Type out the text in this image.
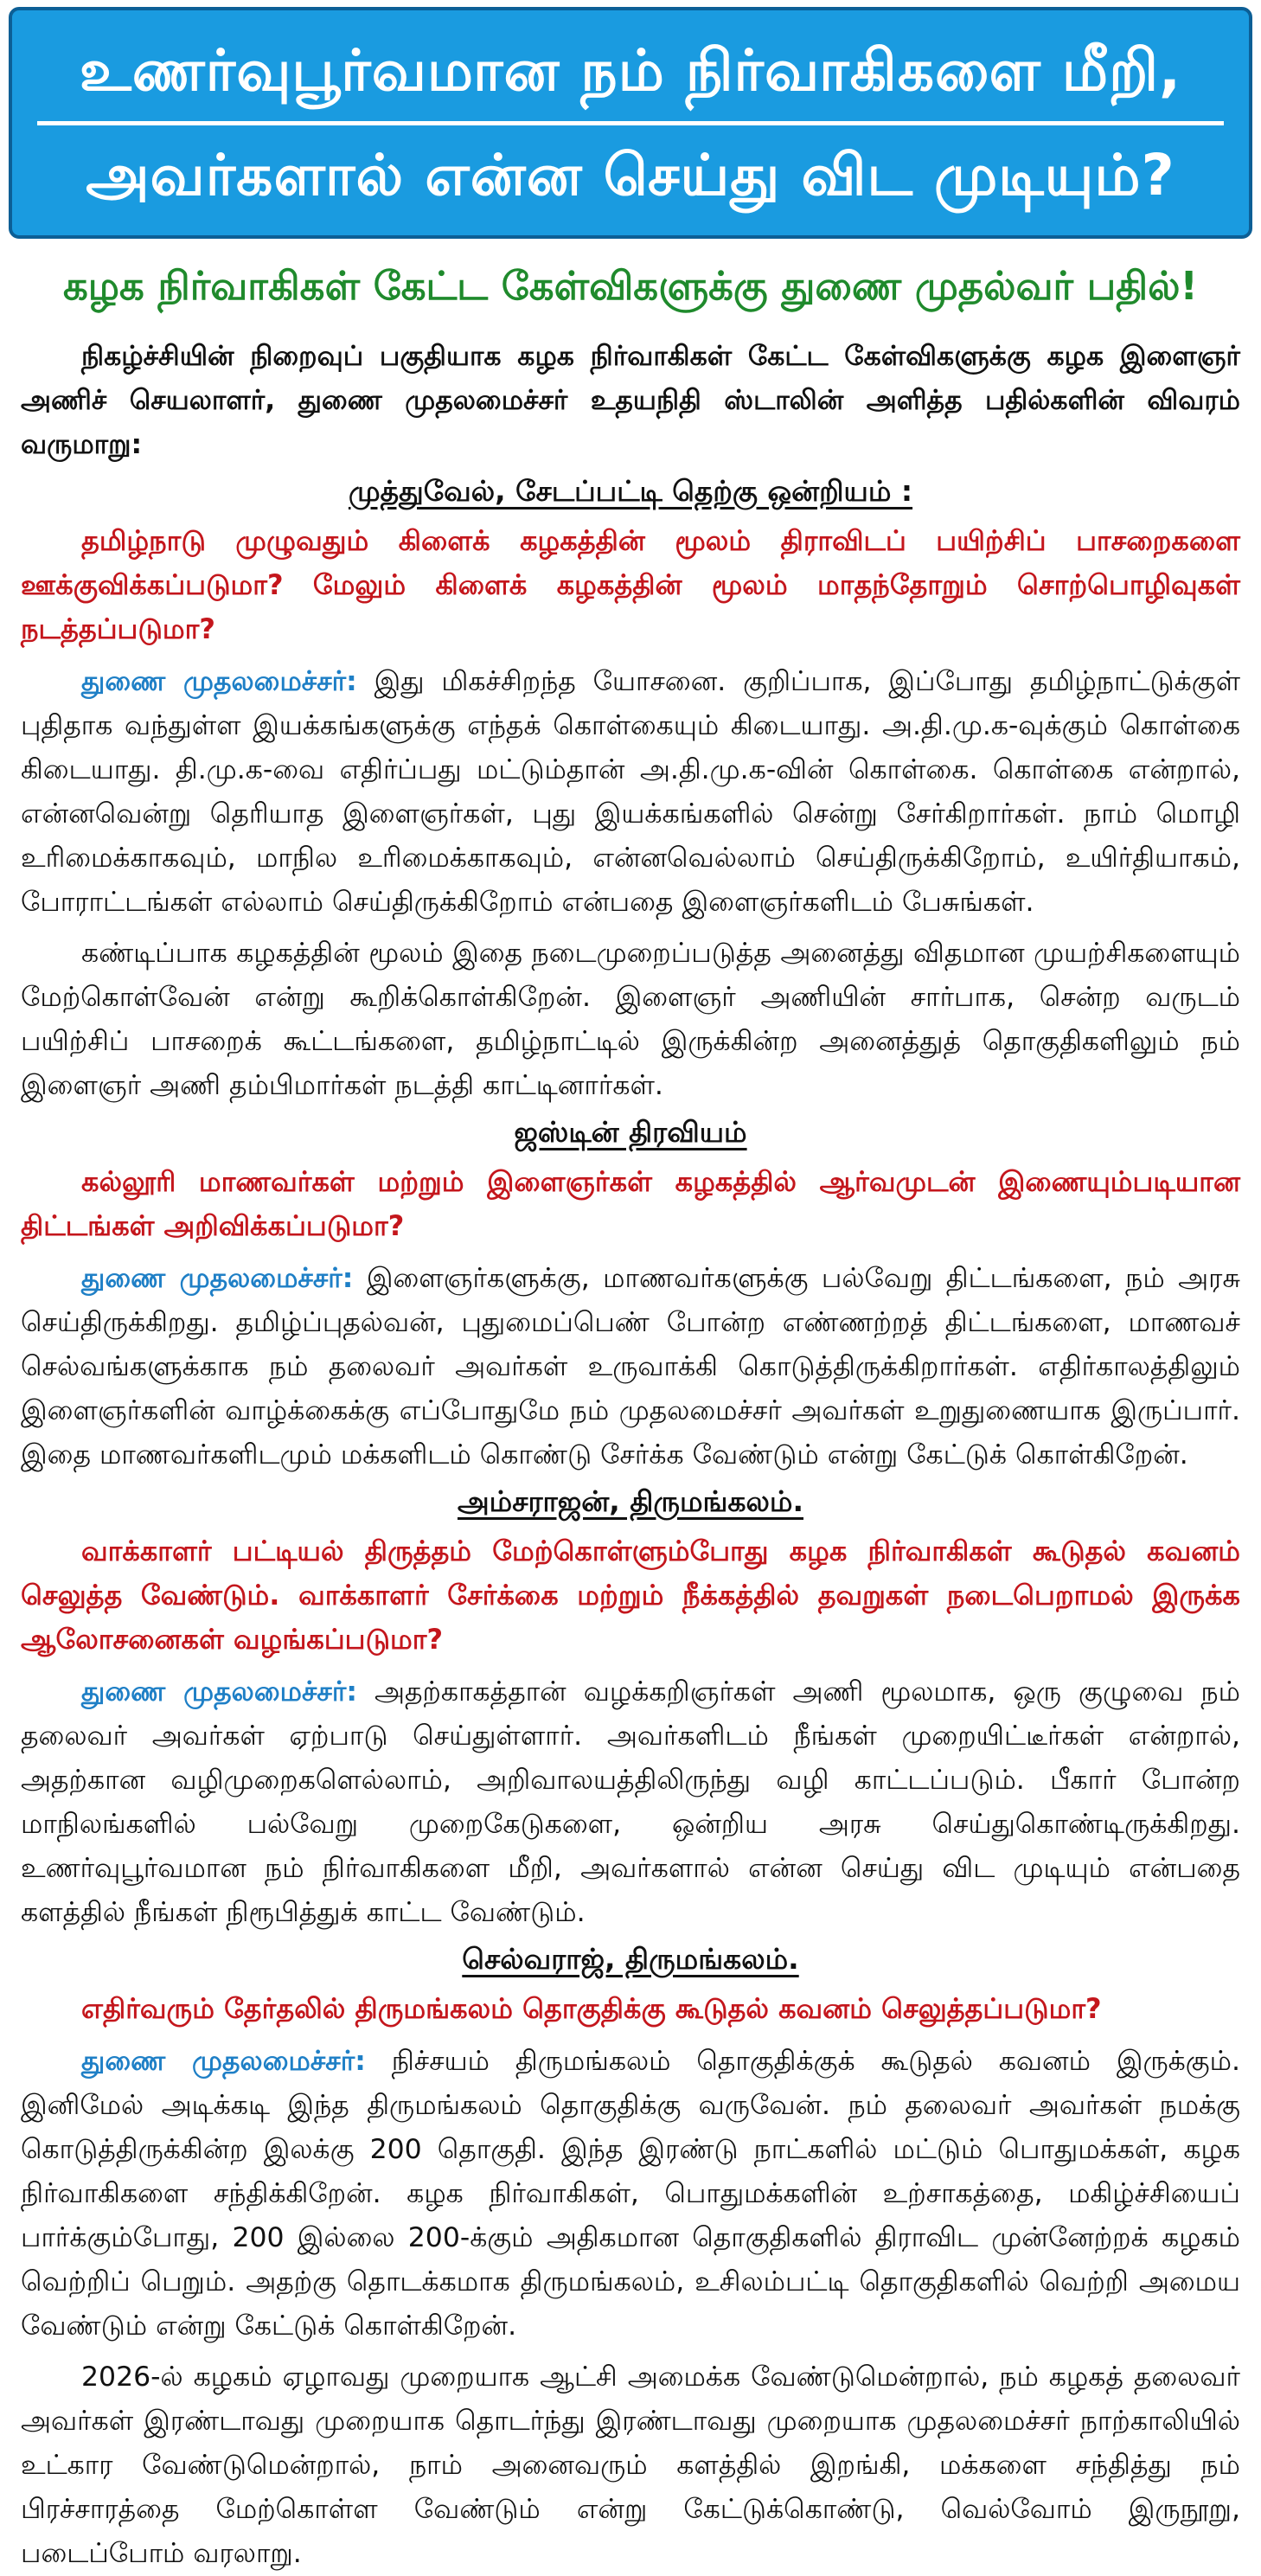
உணர்வுபூர்வமான நம் நிர்வாகிகளை மீறி,
அவர்களால் என்ன செய்து விட முடியும்?
கழக நிர்வாகிகள் கேட்ட கேள்விகளுக்கு துணை முதல்வர் பதில்!

நிகழ்ச்சியின் நிறைவுப் பகுதியாக கழக நிர்வாகிகள் கேட்ட கேள்விகளுக்கு கழக இளைஞர் அணிச் செயலாளர், துணை முதலமைச்சர் உதயநிதி ஸ்டாலின் அளித்த பதில்களின் விவரம் வருமாறு:

முத்துவேல், சேடப்பட்டி தெற்கு ஒன்றியம் :

தமிழ்நாடு முழுவதும் கிளைக் கழகத்தின் மூலம் திராவிடப் பயிற்சிப் பாசறைகளை ஊக்குவிக்கப்படுமா? மேலும் கிளைக் கழகத்தின் மூலம் மாதந்தோறும் சொற்பொழிவுகள் நடத்தப்படுமா?

துணை முதலமைச்சர்: இது மிகச்சிறந்த யோசனை. குறிப்பாக, இப்போது தமிழ்நாட்டுக்குள் புதிதாக வந்துள்ள இயக்கங்களுக்கு எந்தக் கொள்கையும் கிடையாது. அ.தி.மு.க-வுக்கும் கொள்கை கிடையாது. தி.மு.க-வை எதிர்ப்பது மட்டும்தான் அ.தி.மு.க-வின் கொள்கை. கொள்கை என்றால், என்னவென்று தெரியாத இளைஞர்கள், புது இயக்கங்களில் சென்று சேர்கிறார்கள். நாம் மொழி உரிமைக்காகவும், மாநில உரிமைக்காகவும், என்னவெல்லாம் செய்திருக்கிறோம், உயிர்தியாகம், போராட்டங்கள் எல்லாம் செய்திருக்கிறோம் என்பதை இளைஞர்களிடம் பேசுங்கள்.

கண்டிப்பாக கழகத்தின் மூலம் இதை நடைமுறைப்படுத்த அனைத்து விதமான முயற்சிகளையும் மேற்கொள்வேன் என்று கூறிக்கொள்கிறேன். இளைஞர் அணியின் சார்பாக, சென்ற வருடம் பயிற்சிப் பாசறைக் கூட்டங்களை, தமிழ்நாட்டில் இருக்கின்ற அனைத்துத் தொகுதிகளிலும் நம் இளைஞர் அணி தம்பிமார்கள் நடத்தி காட்டினார்கள்.

ஜஸ்டின் திரவியம்

கல்லூரி மாணவர்கள் மற்றும் இளைஞர்கள் கழகத்தில் ஆர்வமுடன் இணையும்படியான திட்டங்கள் அறிவிக்கப்படுமா?

துணை முதலமைச்சர்: இளைஞர்களுக்கு, மாணவர்களுக்கு பல்வேறு திட்டங்களை, நம் அரசு செய்திருக்கிறது. தமிழ்ப்புதல்வன், புதுமைப்பெண் போன்ற எண்ணற்றத் திட்டங்களை, மாணவச் செல்வங்களுக்காக நம் தலைவர் அவர்கள் உருவாக்கி கொடுத்திருக்கிறார்கள். எதிர்காலத்திலும் இளைஞர்களின் வாழ்க்கைக்கு எப்போதுமே நம் முதலமைச்சர் அவர்கள் உறுதுணையாக இருப்பார். இதை மாணவர்களிடமும் மக்களிடம் கொண்டு சேர்க்க வேண்டும் என்று கேட்டுக் கொள்கிறேன்.

அம்சராஜன், திருமங்கலம்.

வாக்காளர் பட்டியல் திருத்தம் மேற்கொள்ளும்போது கழக நிர்வாகிகள் கூடுதல் கவனம் செலுத்த வேண்டும். வாக்காளர் சேர்க்கை மற்றும் நீக்கத்தில் தவறுகள் நடைபெறாமல் இருக்க ஆலோசனைகள் வழங்கப்படுமா?

துணை முதலமைச்சர்: அதற்காகத்தான் வழக்கறிஞர்கள் அணி மூலமாக, ஒரு குழுவை நம் தலைவர் அவர்கள் ஏற்பாடு செய்துள்ளார். அவர்களிடம் நீங்கள் முறையிட்டீர்கள் என்றால், அதற்கான வழிமுறைகளெல்லாம், அறிவாலயத்திலிருந்து வழி காட்டப்படும். பீகார் போன்ற மாநிலங்களில் பல்வேறு முறைகேடுகளை, ஒன்றிய அரசு செய்துகொண்டிருக்கிறது. உணர்வுபூர்வமான நம் நிர்வாகிகளை மீறி, அவர்களால் என்ன செய்து விட முடியும் என்பதை களத்தில் நீங்கள் நிரூபித்துக் காட்ட வேண்டும்.

செல்வராஜ், திருமங்கலம்.

எதிர்வரும் தேர்தலில் திருமங்கலம் தொகுதிக்கு கூடுதல் கவனம் செலுத்தப்படுமா?

துணை முதலமைச்சர்: நிச்சயம் திருமங்கலம் தொகுதிக்குக் கூடுதல் கவனம் இருக்கும். இனிமேல் அடிக்கடி இந்த திருமங்கலம் தொகுதிக்கு வருவேன். நம் தலைவர் அவர்கள் நமக்கு கொடுத்திருக்கின்ற இலக்கு 200 தொகுதி. இந்த இரண்டு நாட்களில் மட்டும் பொதுமக்கள், கழக நிர்வாகிகளை சந்திக்கிறேன். கழக நிர்வாகிகள், பொதுமக்களின் உற்சாகத்தை, மகிழ்ச்சியைப் பார்க்கும்போது, 200 இல்லை 200-க்கும் அதிகமான தொகுதிகளில் திராவிட முன்னேற்றக் கழகம் வெற்றிப் பெறும். அதற்கு தொடக்கமாக திருமங்கலம், உசிலம்பட்டி தொகுதிகளில் வெற்றி அமைய வேண்டும் என்று கேட்டுக் கொள்கிறேன்.

2026-ல் கழகம் ஏழாவது முறையாக ஆட்சி அமைக்க வேண்டுமென்றால், நம் கழகத் தலைவர் அவர்கள் இரண்டாவது முறையாக தொடர்ந்து இரண்டாவது முறையாக முதலமைச்சர் நாற்காலியில் உட்கார வேண்டுமென்றால், நாம் அனைவரும் களத்தில் இறங்கி, மக்களை சந்தித்து நம் பிரச்சாரத்தை மேற்கொள்ள வேண்டும் என்று கேட்டுக்கொண்டு, வெல்வோம் இருநூறு, படைப்போம் வரலாறு.
